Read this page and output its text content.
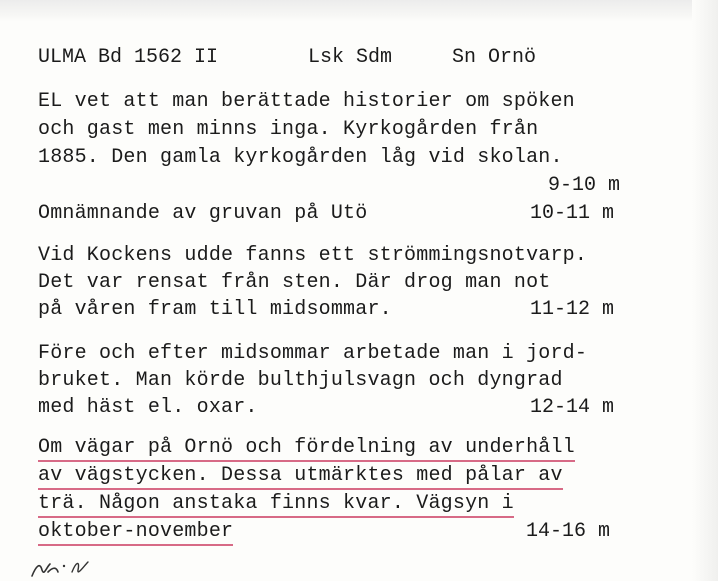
ULMA Bd 1562 II	Lsk Sdm	Sn Ornö
EL vet att man berättade historier om spöken
och gast men minns inga. Kyrkogården från
1885. Den gamla kyrkogården låg vid skolan.
9-10 m
Omnämnande av gruvan på Utö	10-11 m
Vid Kockens udde fanns ett strömmingsnotvarp.
Det var rensat från sten. Där drog man not
på våren fram till midsommar.	11-12 m
Före och efter midsommar arbetade man i jord-
bruket. Man körde bulthjulsvagn och dyngrad
med häst el. oxar.	12-14 m
Om vägar på Ornö och fördelning av underhåll
av vägstycken. Dessa utmärktes med pålar av
trä. Någon anstaka finns kvar. Vägsyn i
oktober-november	14-16 m
